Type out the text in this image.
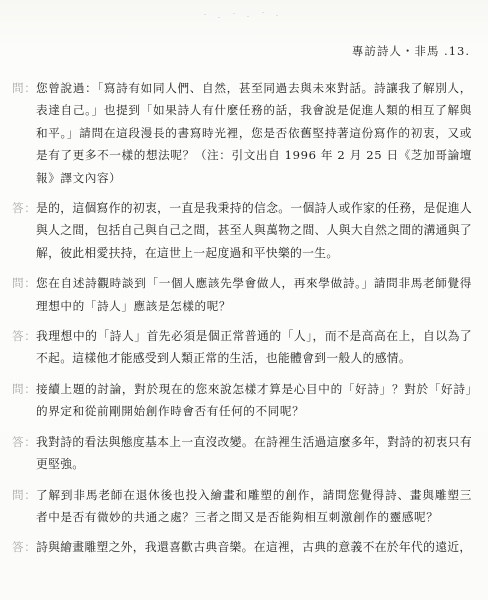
專訪詩人・非馬 .13.
問： 您曾說過：「寫詩有如同人們、自然，甚至同過去與未來對話。詩讓我了解別人，表達自己。」也提到「如果詩人有什麼任務的話，我會說是促進人類的相互了解與和平。」請問在這段漫長的書寫時光裡，您是否依舊堅持著這份寫作的初衷，又或是有了更多不一樣的想法呢？（注：引文出自 1996 年 2 月 25 日《芝加哥論壇報》譯文內容）
答： 是的，這個寫作的初衷，一直是我秉持的信念。一個詩人或作家的任務，是促進人與人之間，包括自己與自己之間，甚至人與萬物之間、人與大自然之間的溝通與了解，彼此相愛扶持，在這世上一起度過和平快樂的一生。
問： 您在自述詩觀時談到「一個人應該先學會做人，再來學做詩。」請問非馬老師覺得理想中的「詩人」應該是怎樣的呢？
答： 我理想中的「詩人」首先必須是個正常普通的「人」，而不是高高在上，自以為了不起。這樣他才能感受到人類正常的生活，也能體會到一般人的感情。
問： 接續上題的討論，對於現在的您來說怎樣才算是心目中的「好詩」？對於「好詩」的界定和從前剛開始創作時會否有任何的不同呢？
答： 我對詩的看法與態度基本上一直沒改變。在詩裡生活過這麼多年，對詩的初衷只有更堅強。
問： 了解到非馬老師在退休後也投入繪畫和雕塑的創作，請問您覺得詩、畫與雕塑三者中是否有微妙的共通之處？三者之間又是否能夠相互刺激創作的靈感呢？
答： 詩與繪畫雕塑之外，我還喜歡古典音樂。在這裡，古典的意義不在於年代的遠近，
